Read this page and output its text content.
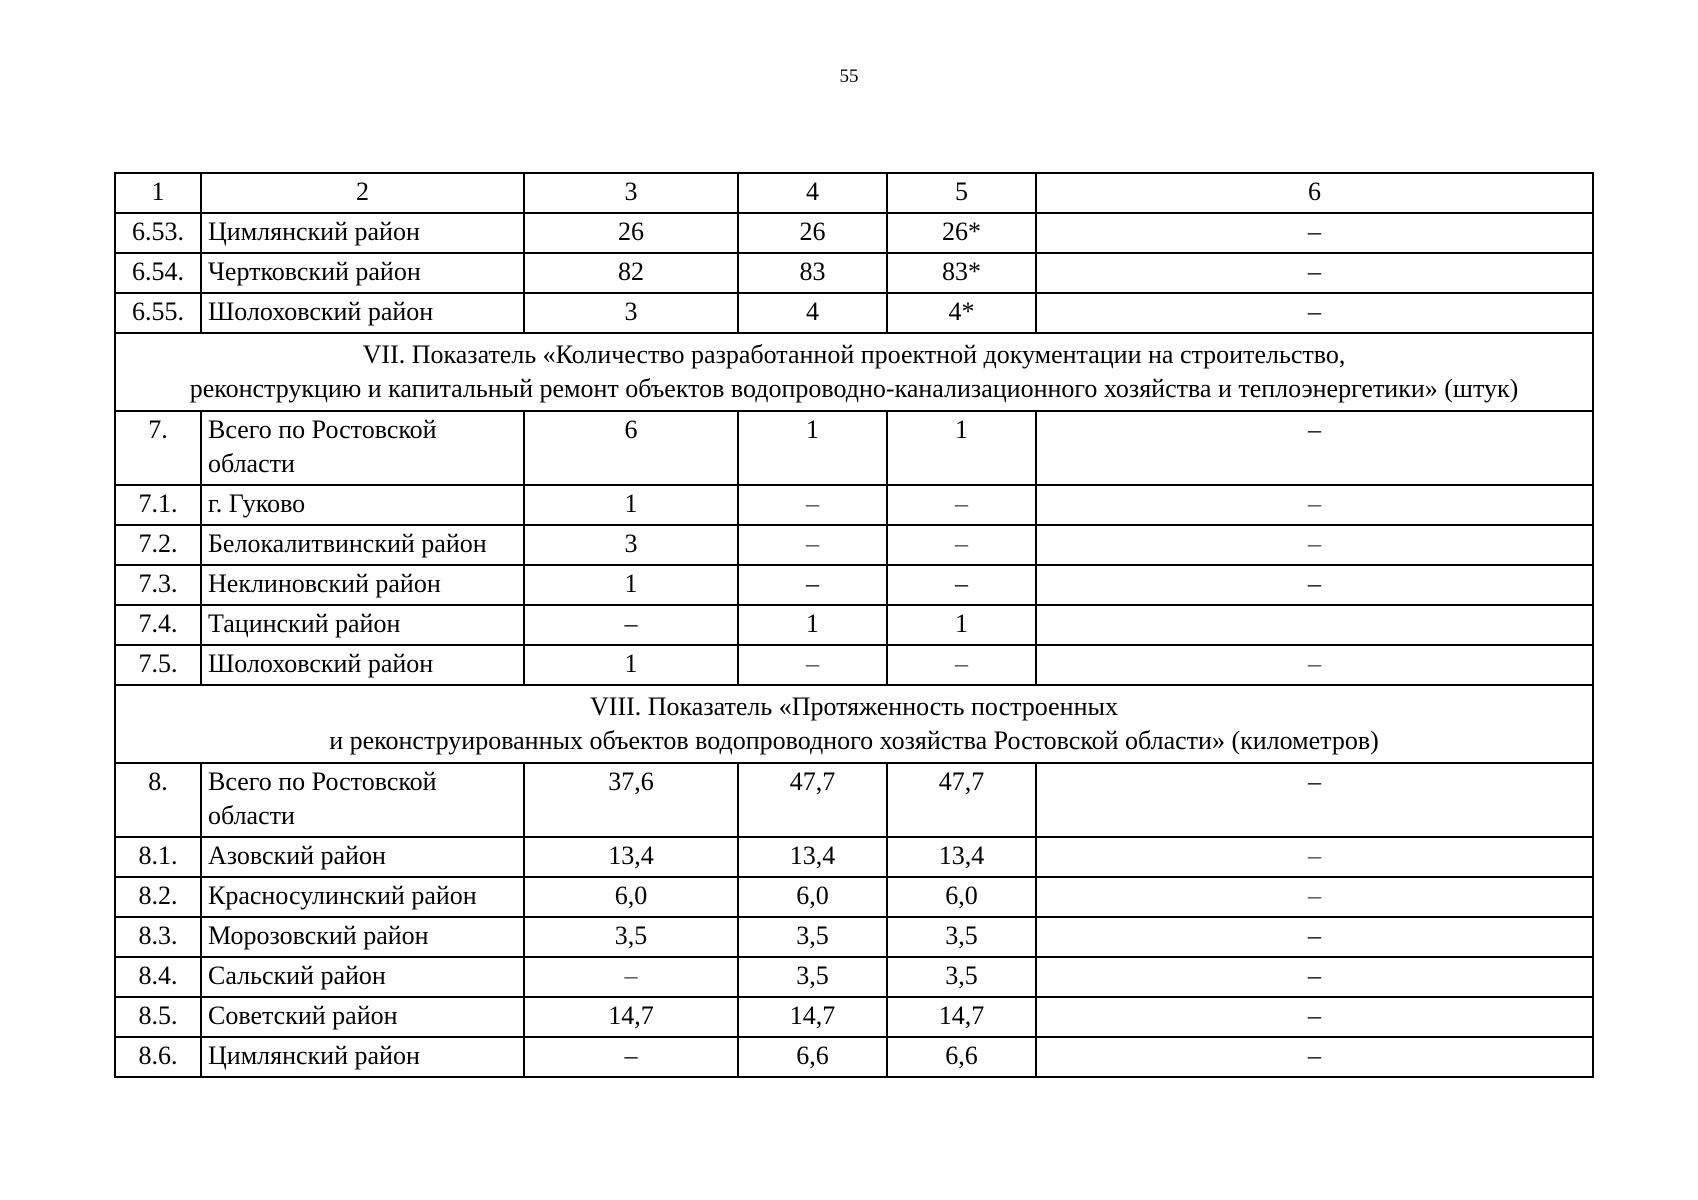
55
1	2	3	4	5	6
6.53.	Цимлянский район	26	26	26*	–
6.54.	Чертковский район	82	83	83*	–
6.55.	Шолоховский район	3	4	4*	–

VII. Показатель «Количество разработанной проектной документации на строительство,
реконструкцию и капитальный ремонт объектов водопроводно-канализационного хозяйства и теплоэнергетики» (штук)					

7.	Всего по Ростовской области	6	1	1	–
7.1.	г. Гуково	1	–	–	–
7.2.	Белокалитвинский район	3	–	–	–
7.3.	Неклиновский район	1	–	–	–
7.4.	Тацинский район	–	1	1	
7.5.	Шолоховский район	1	–	–	–

VIII. Показатель «Протяженность построенных
и реконструированных объектов водопроводного хозяйства Ростовской области» (километров)					

8.	Всего по Ростовской области	37,6	47,7	47,7	–
8.1.	Азовский район	13,4	13,4	13,4	–
8.2.	Красносулинский район	6,0	6,0	6,0	–
8.3.	Морозовский район	3,5	3,5	3,5	–
8.4.	Сальский район	–	3,5	3,5	–
8.5.	Советский район	14,7	14,7	14,7	–
8.6.	Цимлянский район	–	6,6	6,6	–
